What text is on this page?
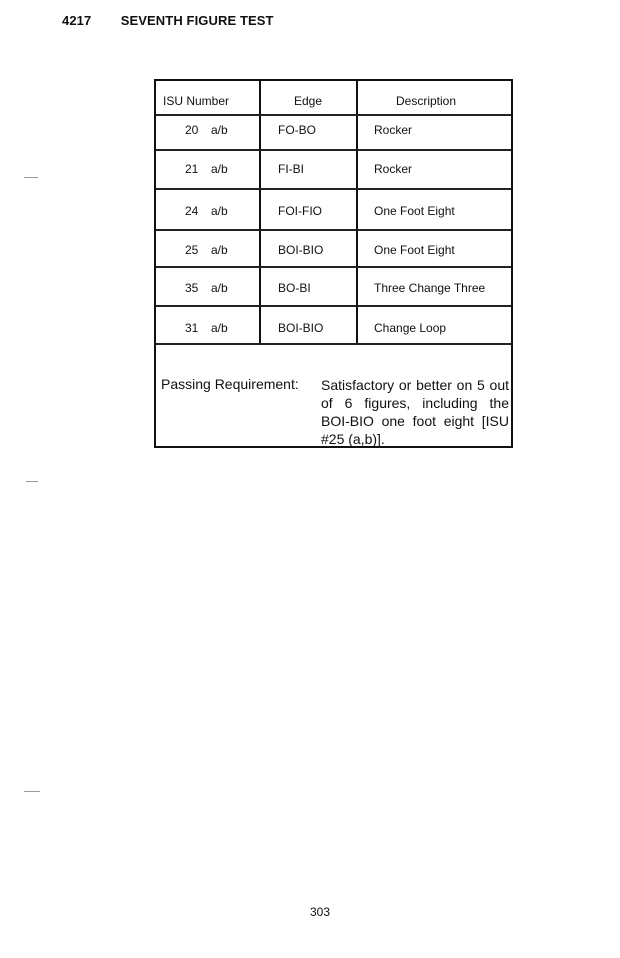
4217 SEVENTH FIGURE TEST
ISU Number	Edge	Description
20 a/b	FO-BO	Rocker
21 a/b	FI-BI	Rocker
24 a/b	FOI-FIO	One Foot Eight
25 a/b	BOI-BIO	One Foot Eight
35 a/b	BO-BI	Three Change Three
31 a/b	BOI-BIO	Change Loop
Passing Requirement: Satisfactory or better on 5 out of 6 figures, including the BOI-BIO one foot eight [ISU #25 (a,b)].
303
